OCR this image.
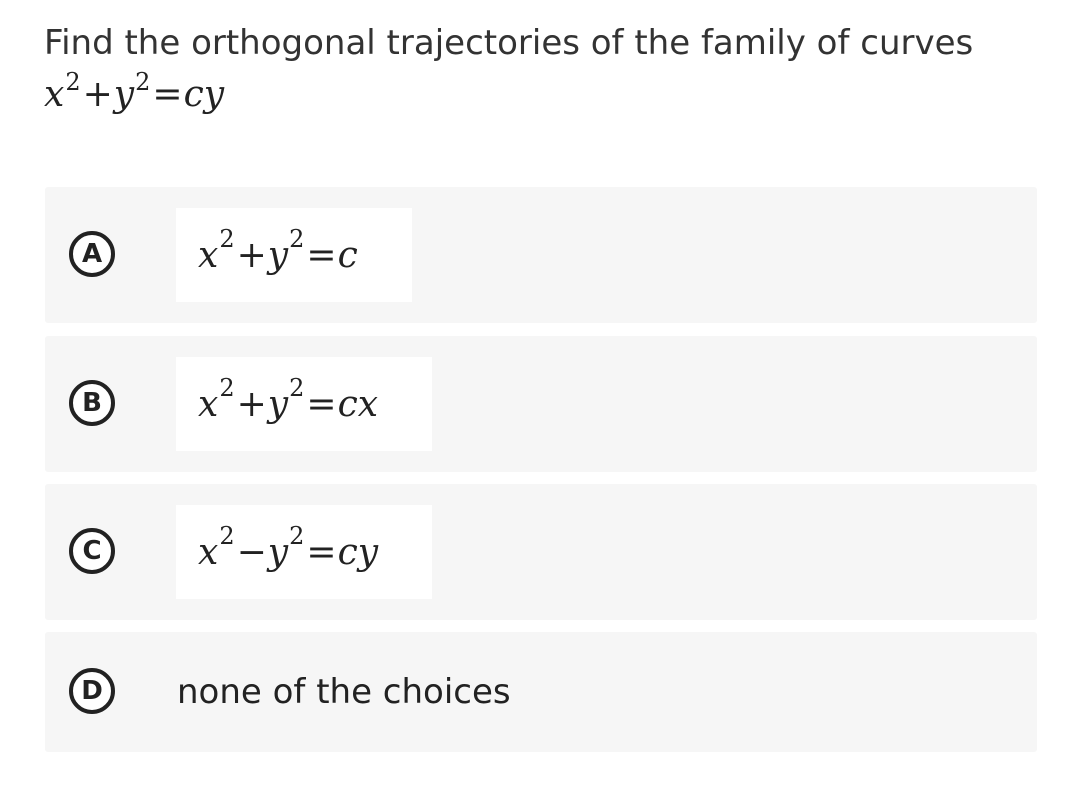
Find the orthogonal trajectories of the family of curves
$x^2+y^2=cy$
A	$x^2 + y^2 = c$
B	$x^2 + y^2$ = cx
C	$x^2 - y^2$ = cy
D	none of the choices
